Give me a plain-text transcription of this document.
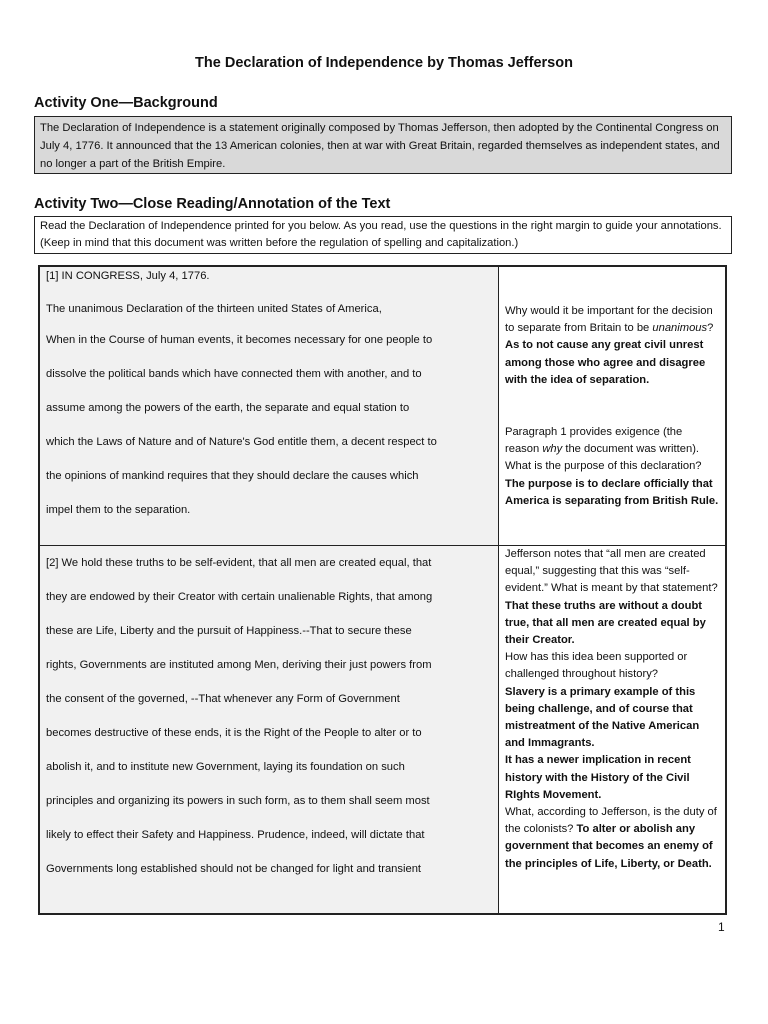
The Declaration of Independence by Thomas Jefferson
Activity One—Background
The Declaration of Independence is a statement originally composed by Thomas Jefferson, then adopted by the Continental Congress on July 4, 1776. It announced that the 13 American colonies, then at war with Great Britain, regarded themselves as independent states, and no longer a part of the British Empire.
Activity Two—Close Reading/Annotation of the Text
Read the Declaration of Independence printed for you below. As you read, use the questions in the right margin to guide your annotations. (Keep in mind that this document was written before the regulation of spelling and capitalization.)
[1] IN CONGRESS, July 4, 1776.
The unanimous Declaration of the thirteen united States of America,
When in the Course of human events, it becomes necessary for one people to
dissolve the political bands which have connected them with another, and to
assume among the powers of the earth, the separate and equal station to
which the Laws of Nature and of Nature's God entitle them, a decent respect to
the opinions of mankind requires that they should declare the causes which
impel them to the separation.
Why would it be important for the decision to separate from Britain to be unanimous?
As to not cause any great civil unrest among those who agree and disagree with the idea of separation.
Paragraph 1 provides exigence (the reason why the document was written). What is the purpose of this declaration? The purpose is to declare officially that America is separating from British Rule.
[2] We hold these truths to be self-evident, that all men are created equal, that
they are endowed by their Creator with certain unalienable Rights, that among
these are Life, Liberty and the pursuit of Happiness.--That to secure these
rights, Governments are instituted among Men, deriving their just powers from
the consent of the governed, --That whenever any Form of Government
becomes destructive of these ends, it is the Right of the People to alter or to
abolish it, and to institute new Government, laying its foundation on such
principles and organizing its powers in such form, as to them shall seem most
likely to effect their Safety and Happiness. Prudence, indeed, will dictate that
Governments long established should not be changed for light and transient
Jefferson notes that “all men are created equal,” suggesting that this was “self-evident.” What is meant by that statement? That these truths are without a doubt true, that all men are created equal by their Creator.
How has this idea been supported or challenged throughout history?
Slavery is a primary example of this being challenge, and of course that mistreatment of the Native American and Immagrants.
It has a newer implication in recent history with the History of the Civil RIghts Movement.
What, according to Jefferson, is the duty of the colonists? To alter or abolish any government that becomes an enemy of the principles of Life, Liberty, or Death.
1
